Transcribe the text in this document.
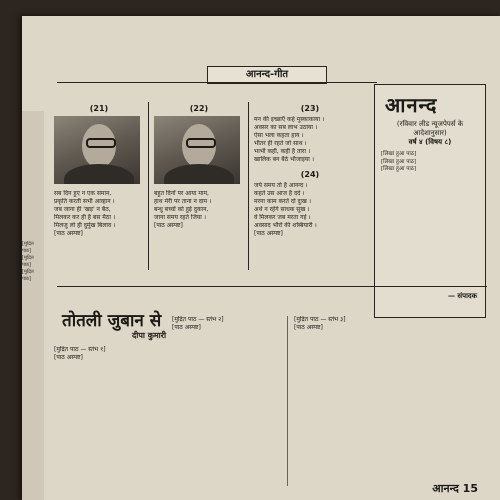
[मुद्रित पाठ]
[मुद्रित पाठ]
[मुद्रित पाठ]
आनन्द-गीत
(21)
सब दिन हुए न एक समान,
प्रकृति करती सभी आव्हान ।
जब जाना ही 'खड़' न बैठ,
मिलकर कर ही है बस मैठा ।
मिलजु लो ही दुर्मुख बिलाव ।
[पाठ अस्पष्ट]
(22)
बहुत दिनों पर आया माम,
हाथ मेरी पर ताना न दाम ।
बन्धु बच्चों को हुई दुकान,
जाना समय रहते जिया ।
[पाठ अस्पष्ट]
(23)
मन की इच्छाएँ कहे मुस्काकाया ।
अवसर का सब लाभ उठाया ।
ऐसा भला कहता हाय ।
भीतर ही रहते जो साथ ।
भाभी कहीं, कहीं है तारा ।
खालिक बन बैठे भौजाइया ।
(24)
जये समय तो है आनन्द ।
कहते उस आज है दर्द ।
मरना काम करते दो दुःख ।
अर्थ न रहेंगे साधक सुख ।
वे मिलकर जब मरता गई ।
अवसाद भौरों की शब्बियारी ।
[पाठ अस्पष्ट]
आनन्द
(रविवार लीड न्यूजपेपर्स के
आदेशानुसार)
वर्ष ४ (विषय ८)
[लिखा हुआ पाठ]
[लिखा हुआ पाठ]
[लिखा हुआ पाठ]
— संपादक
तोतली जुबान से
दीपा कुमारी
[मुद्रित पाठ — स्तंभ १]
[पाठ अस्पष्ट]
[मुद्रित पाठ — स्तंभ २]
[पाठ अस्पष्ट]
[मुद्रित पाठ — स्तंभ ३]
[पाठ अस्पष्ट]
आनन्द 15
